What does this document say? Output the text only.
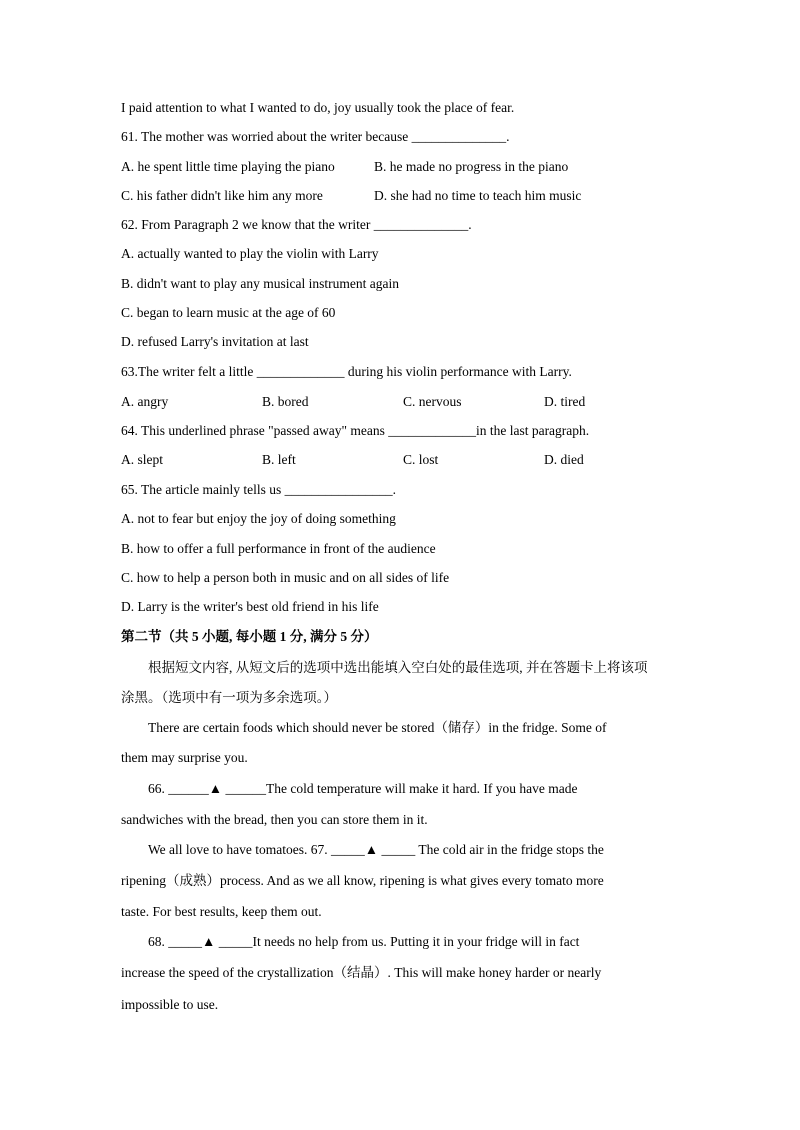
I paid attention to what I wanted to do, joy usually took the place of fear.
61. The mother was worried about the writer because ______________.
A. he spent little time playing the piano	B. he made no progress in the piano
C. his father didn't like him any more	D. she had no time to teach him music
62. From Paragraph 2 we know that the writer ______________.
A. actually wanted to play the violin with Larry
B. didn't want to play any musical instrument again
C. began to learn music at the age of 60
D. refused Larry's invitation at last
63.The writer felt a little _____________ during his violin performance with Larry.
A. angry	B. bored	C. nervous	D. tired
64. This underlined phrase "passed away" means _____________in the last paragraph.
A. slept	B. left	C. lost	D. died
65. The article mainly tells us ________________.
A. not to fear but enjoy the joy of doing something
B. how to offer a full performance in front of the audience
C. how to help a person both in music and on all sides of life
D. Larry is the writer's best old friend in his life
第二节（共 5 小题, 每小题 1 分, 满分 5 分）
根据短文内容, 从短文后的选项中选出能填入空白处的最佳选项, 并在答题卡上将该项
涂黑。（选项中有一项为多余选项。）
There are certain foods which should never be stored（储存）in the fridge. Some of
them may surprise you.
66. ______▲ ______The cold temperature will make it hard. If you have made
sandwiches with the bread, then you can store them in it.
We all love to have tomatoes. 67. _____▲ _____ The cold air in the fridge stops the
ripening（成熟）process. And as we all know, ripening is what gives every tomato more
taste. For best results, keep them out.
68. _____▲ _____It needs no help from us. Putting it in your fridge will in fact
increase the speed of the crystallization（结晶）. This will make honey harder or nearly
impossible to use.
